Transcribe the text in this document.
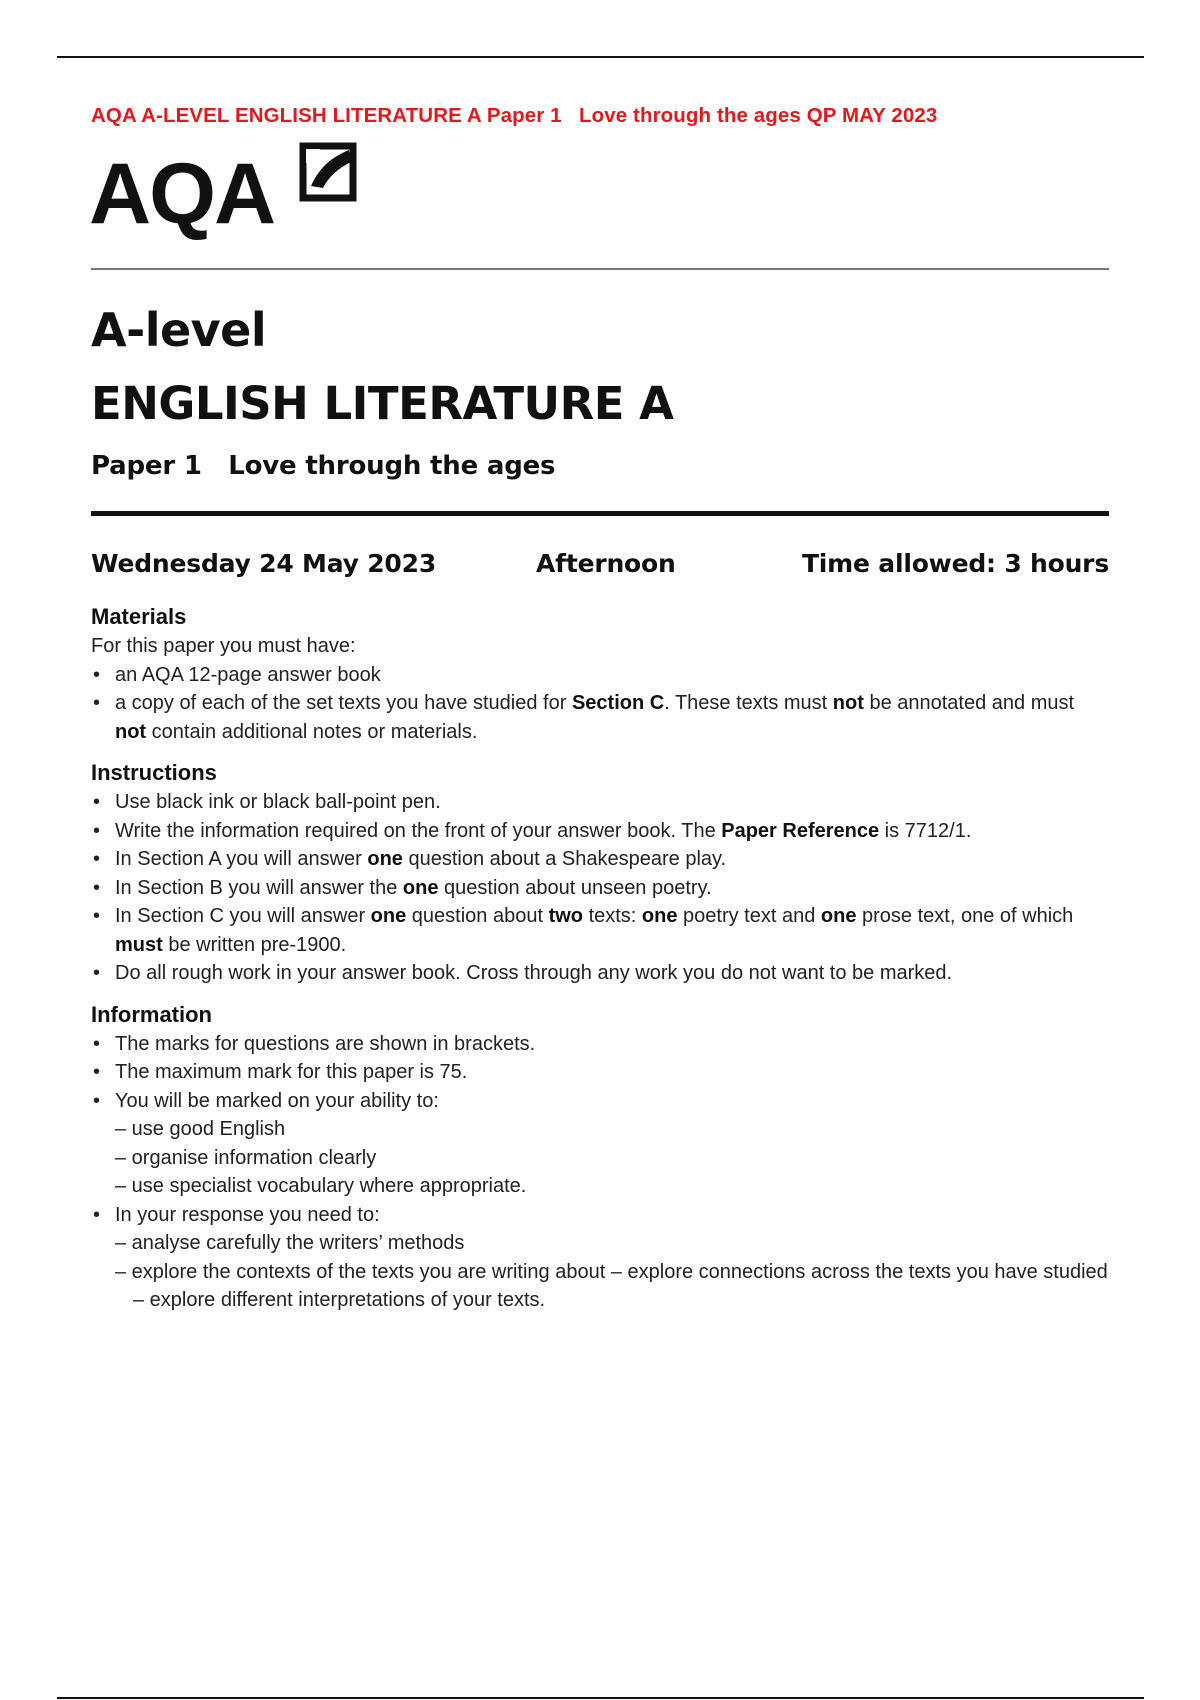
AQA A-LEVEL ENGLISH LITERATURE A Paper 1   Love through the ages QP MAY 2023
AQA
A-level
ENGLISH LITERATURE A
Paper 1   Love through the ages
Wednesday 24 May 2023	Afternoon	Time allowed: 3 hours
Materials
For this paper you must have:
• an AQA 12-page answer book
• a copy of each of the set texts you have studied for Section C. These texts must not be annotated and must not contain additional notes or materials.
Instructions
• Use black ink or black ball-point pen.
• Write the information required on the front of your answer book. The Paper Reference is 7712/1.
• In Section A you will answer one question about a Shakespeare play.
• In Section B you will answer the one question about unseen poetry.
• In Section C you will answer one question about two texts: one poetry text and one prose text, one of which must be written pre-1900.
• Do all rough work in your answer book. Cross through any work you do not want to be marked.
Information
• The marks for questions are shown in brackets.
• The maximum mark for this paper is 75.
• You will be marked on your ability to:
– use good English
– organise information clearly
– use specialist vocabulary where appropriate.
• In your response you need to:
– analyse carefully the writers’ methods
– explore the contexts of the texts you are writing about – explore connections across the texts you have studied – explore different interpretations of your texts.
